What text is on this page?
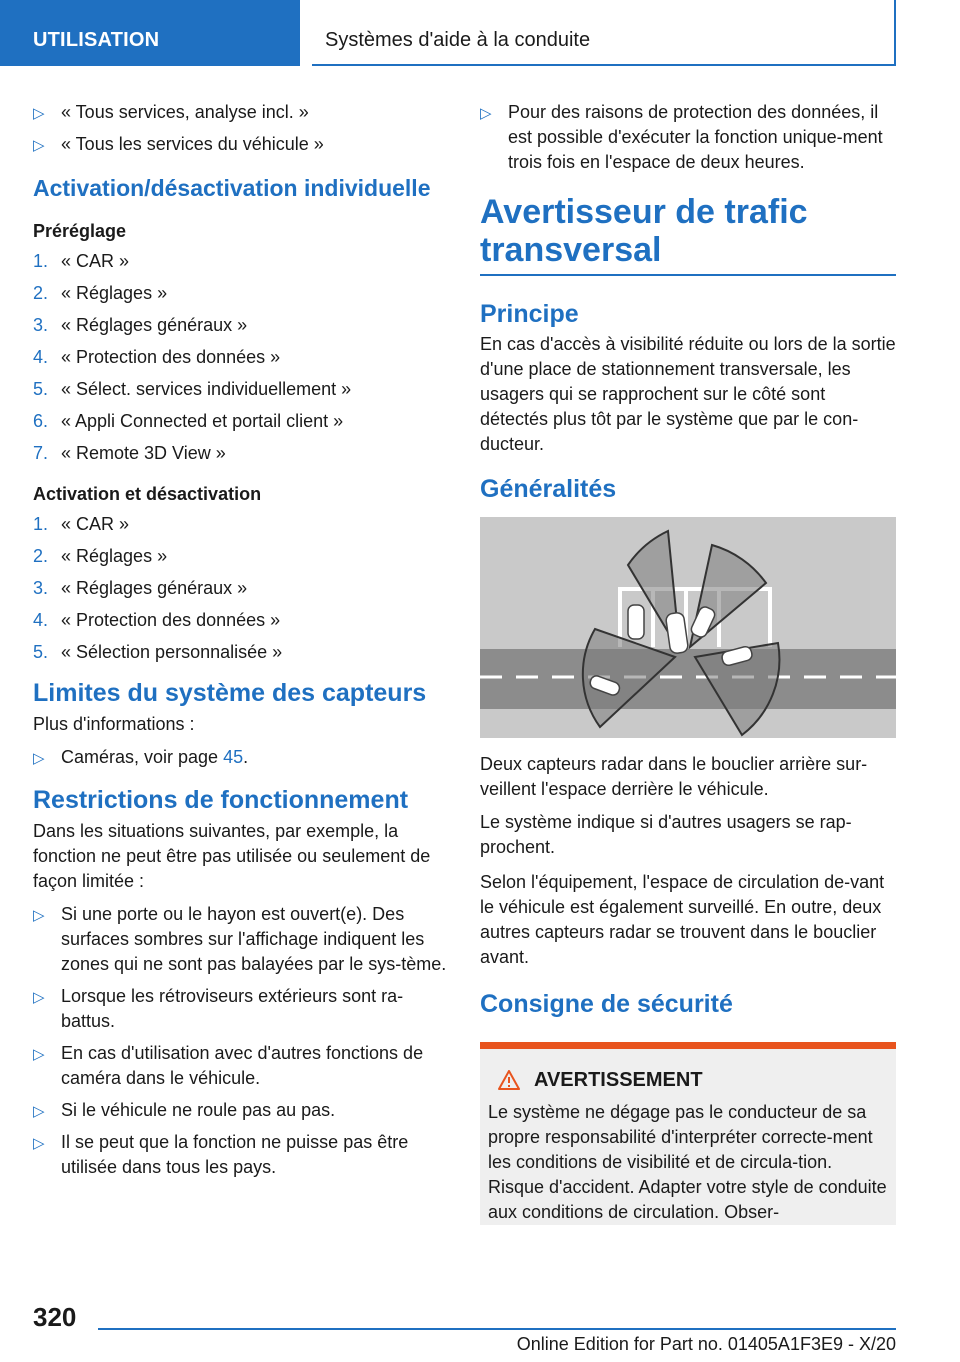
UTILISATION	Systèmes d'aide à la conduite
▷ « Tous services, analyse incl. »
▷ « Tous les services du véhicule »
Activation/désactivation individuelle
Préréglage
1. « CAR »
2. « Réglages »
3. « Réglages généraux »
4. « Protection des données »
5. « Sélect. services individuellement »
6. « Appli Connected et portail client »
7. « Remote 3D View »
Activation et désactivation
1. « CAR »
2. « Réglages »
3. « Réglages généraux »
4. « Protection des données »
5. « Sélection personnalisée »
Limites du système des capteurs
Plus d'informations :
▷ Caméras, voir page 45.
Restrictions de fonctionnement
Dans les situations suivantes, par exemple, la fonction ne peut être pas utilisée ou seulement de façon limitée :
▷ Si une porte ou le hayon est ouvert(e). Des surfaces sombres sur l'affichage indiquent les zones qui ne sont pas balayées par le sys-tème.
▷ Lorsque les rétroviseurs extérieurs sont ra-battus.
▷ En cas d'utilisation avec d'autres fonctions de caméra dans le véhicule.
▷ Si le véhicule ne roule pas au pas.
▷ Il se peut que la fonction ne puisse pas être utilisée dans tous les pays.
▷ Pour des raisons de protection des données, il est possible d'exécuter la fonction unique-ment trois fois en l'espace de deux heures.
Avertisseur de trafic transversal
Principe
En cas d'accès à visibilité réduite ou lors de la sortie d'une place de stationnement transversale, les usagers qui se rapprochent sur le côté sont détectés plus tôt par le système que par le con-ducteur.
Généralités
Deux capteurs radar dans le bouclier arrière sur-veillent l'espace derrière le véhicule.
Le système indique si d'autres usagers se rap-prochent.
Selon l'équipement, l'espace de circulation de-vant le véhicule est également surveillé. En outre, deux autres capteurs radar se trouvent dans le bouclier avant.
Consigne de sécurité
AVERTISSEMENT
Le système ne dégage pas le conducteur de sa propre responsabilité d'interpréter correcte-ment les conditions de visibilité et de circula-tion. Risque d'accident. Adapter votre style de conduite aux conditions de circulation. Obser-
320
Online Edition for Part no. 01405A1F3E9 - X/20
